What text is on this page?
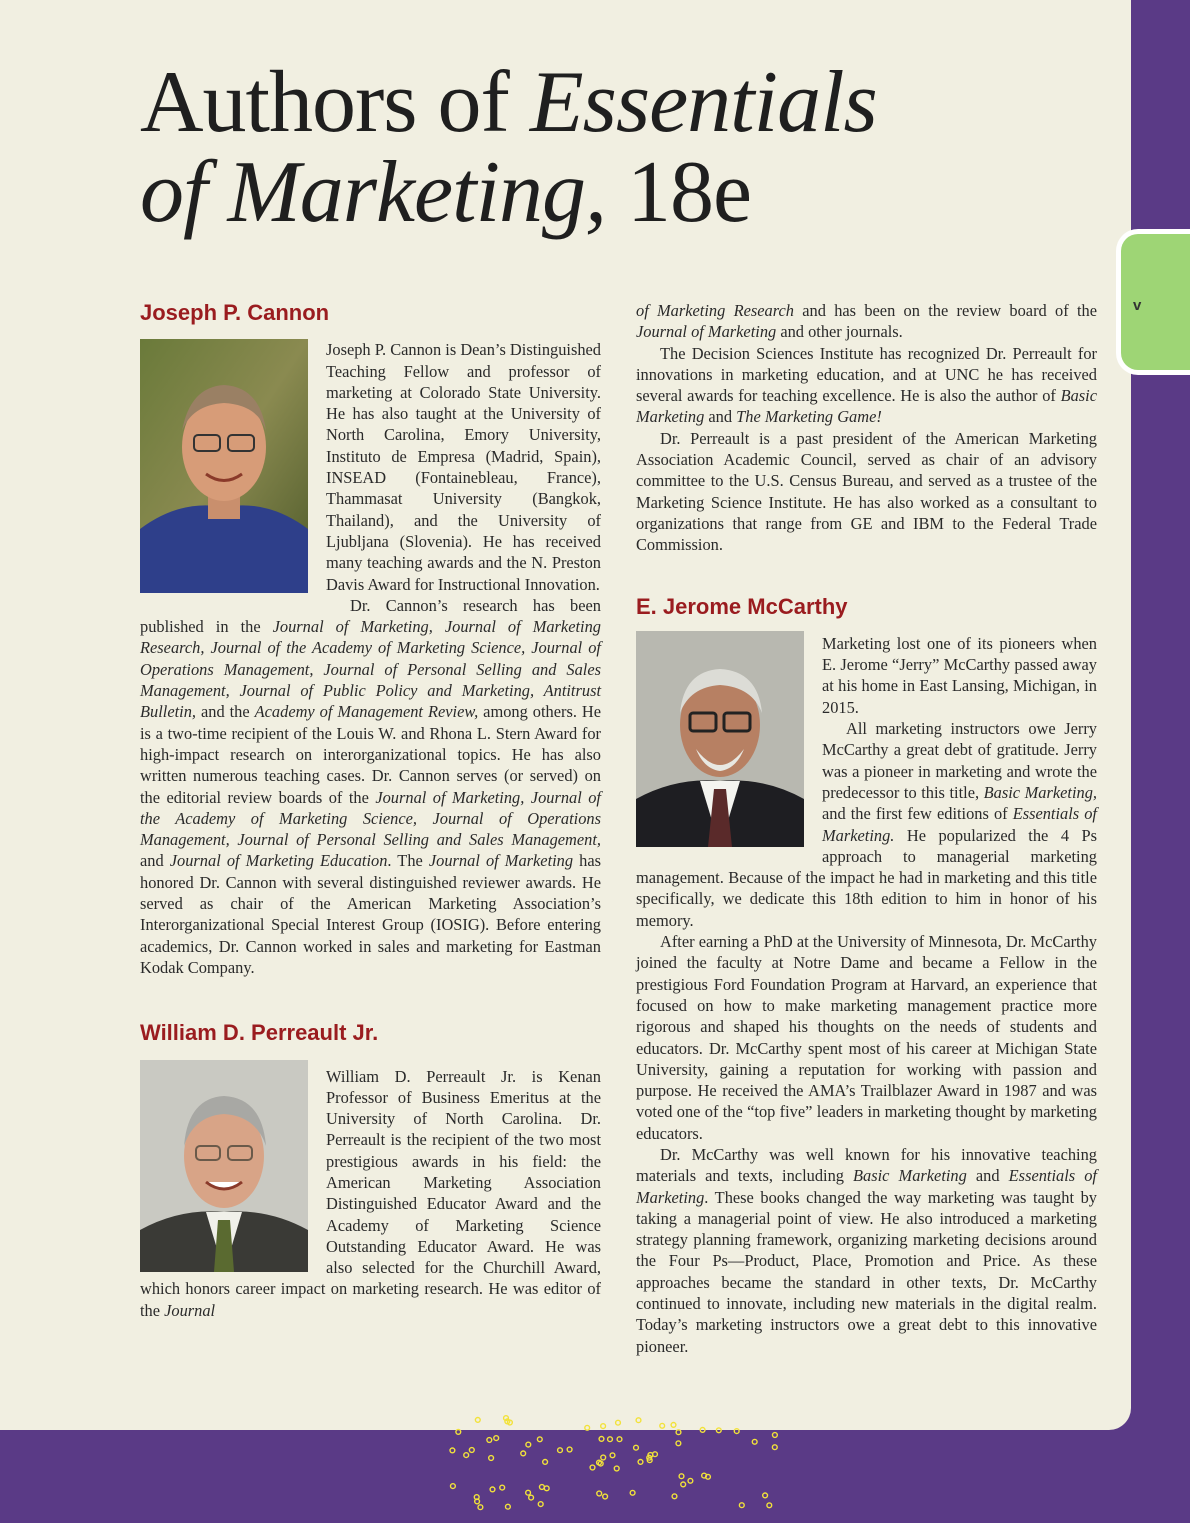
Authors of Essentials
of Marketing, 18e
Joseph P. Cannon

Joseph P. Cannon is Dean’s Distinguished Teaching Fellow and professor of marketing at Colorado State University. He has also taught at the University of North Carolina, Emory University, Instituto de Empresa (Madrid, Spain), INSEAD (Fontainebleau, France), Thammasat University (Bangkok, Thailand), and the University of Ljubljana (Slovenia). He has received many teaching awards and the N. Preston Davis Award for Instructional Innovation.

Dr. Cannon’s research has been published in the Journal of Marketing, Journal of Marketing Research, Journal of the Academy of Marketing Science, Journal of Operations Management, Journal of Personal Selling and Sales Management, Journal of Public Policy and Marketing, Antitrust Bulletin, and the Academy of Management Review, among others. He is a two-time recipient of the Louis W. and Rhona L. Stern Award for high-impact research on interorganizational topics. He has also written numerous teaching cases. Dr. Cannon serves (or served) on the editorial review boards of the Journal of Marketing, Journal of the Academy of Marketing Science, Journal of Operations Management, Journal of Personal Selling and Sales Management, and Journal of Marketing Education. The Journal of Marketing has honored Dr. Cannon with several distinguished reviewer awards. He served as chair of the American Marketing Association’s Interorganizational Special Interest Group (IOSIG). Before entering academics, Dr. Cannon worked in sales and marketing for Eastman Kodak Company.

William D. Perreault Jr.

William D. Perreault Jr. is Kenan Professor of Business Emeritus at the University of North Carolina. Dr. Perreault is the recipient of the two most prestigious awards in his field: the American Marketing Association Distinguished Educator Award and the Academy of Marketing Science Outstanding Educator Award. He was also selected for the Churchill Award, which honors career impact on marketing research. He was editor of the Journal

of Marketing Research and has been on the review board of the Journal of Marketing and other journals.

The Decision Sciences Institute has recognized Dr. Perreault for innovations in marketing education, and at UNC he has received several awards for teaching excellence. He is also the author of Basic Marketing and The Marketing Game!

Dr. Perreault is a past president of the American Marketing Association Academic Council, served as chair of an advisory committee to the U.S. Census Bureau, and served as a trustee of the Marketing Science Institute. He has also worked as a consultant to organizations that range from GE and IBM to the Federal Trade Commission.

E. Jerome McCarthy

Marketing lost one of its pioneers when E. Jerome “Jerry” McCarthy passed away at his home in East Lansing, Michigan, in 2015.

All marketing instructors owe Jerry McCarthy a great debt of gratitude. Jerry was a pioneer in marketing and wrote the predecessor to this title, Basic Marketing, and the first few editions of Essentials of Marketing. He popularized the 4 Ps approach to managerial marketing management. Because of the impact he had in marketing and this title specifically, we dedicate this 18th edition to him in honor of his memory.

After earning a PhD at the University of Minnesota, Dr. McCarthy joined the faculty at Notre Dame and became a Fellow in the prestigious Ford Foundation Program at Harvard, an experience that focused on how to make marketing management practice more rigorous and shaped his thoughts on the needs of students and educators. Dr. McCarthy spent most of his career at Michigan State University, gaining a reputation for working with passion and purpose. He received the AMA’s Trailblazer Award in 1987 and was voted one of the “top five” leaders in marketing thought by marketing educators.

Dr. McCarthy was well known for his innovative teaching materials and texts, including Basic Marketing and Essentials of Marketing. These books changed the way marketing was taught by taking a managerial point of view. He also introduced a marketing strategy planning framework, organizing marketing decisions around the Four Ps—Product, Place, Promotion and Price. As these approaches became the standard in other texts, Dr. McCarthy continued to innovate, including new materials in the digital realm. Today’s marketing instructors owe a great debt to this innovative pioneer.

v
